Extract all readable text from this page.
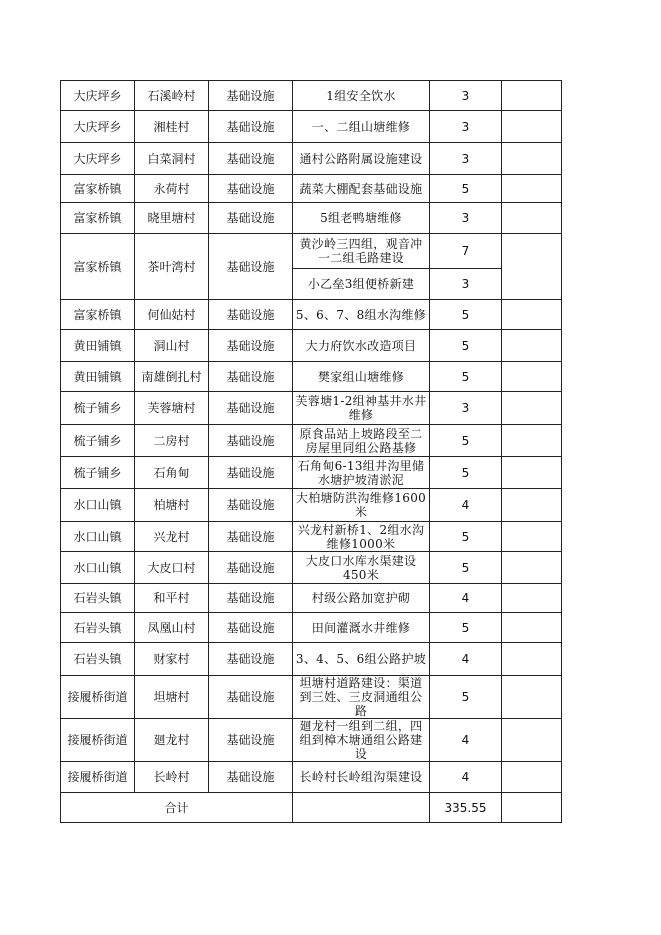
大庆坪乡	石溪岭村	基础设施	1组安全饮水	3	
大庆坪乡	湘桂村	基础设施	一、二组山塘维修	3	
大庆坪乡	白菜洞村	基础设施	通村公路附属设施建设	3	
富家桥镇	永荷村	基础设施	蔬菜大棚配套基础设施	5	
富家桥镇	晓里塘村	基础设施	5组老鸭塘维修	3	
富家桥镇	茶叶湾村	基础设施	黄沙岭三四组，观音冲一二组毛路建设	7	
			小乙垒3组便桥新建	3	
富家桥镇	何仙姑村	基础设施	5、6、7、8组水沟维修	5	
黄田铺镇	洞山村	基础设施	大力府饮水改造项目	5	
黄田铺镇	南雄倒扎村	基础设施	樊家组山塘维修	5	
梳子铺乡	芙蓉塘村	基础设施	芙蓉塘1-2组神基井水井维修	3	
梳子铺乡	二房村	基础设施	原食品站上坡路段至二房屋里同组公路基修	5	
梳子铺乡	石角甸	基础设施	石角甸6-13组井沟里储水塘护坡清淤泥	5	
水口山镇	柏塘村	基础设施	大柏塘防洪沟维修1600米	4	
水口山镇	兴龙村	基础设施	兴龙村新桥1、2组水沟维修1000米	5	
水口山镇	大皮口村	基础设施	大皮口水库水渠建设450米	5	
石岩头镇	和平村	基础设施	村级公路加宽护砌	4	
石岩头镇	凤凰山村	基础设施	田间灌溉水井维修	5	
石岩头镇	财家村	基础设施	3、4、5、6组公路护坡	4	
接履桥街道	坦塘村	基础设施	坦塘村道路建设：渠道到三姓、三皮洞通组公路	5	
接履桥街道	廻龙村	基础设施	廻龙村一组到二组，四组到樟木塘通组公路建设	4	
接履桥街道	长岭村	基础设施	长岭村长岭组沟渠建设	4	
合计				335.55	
